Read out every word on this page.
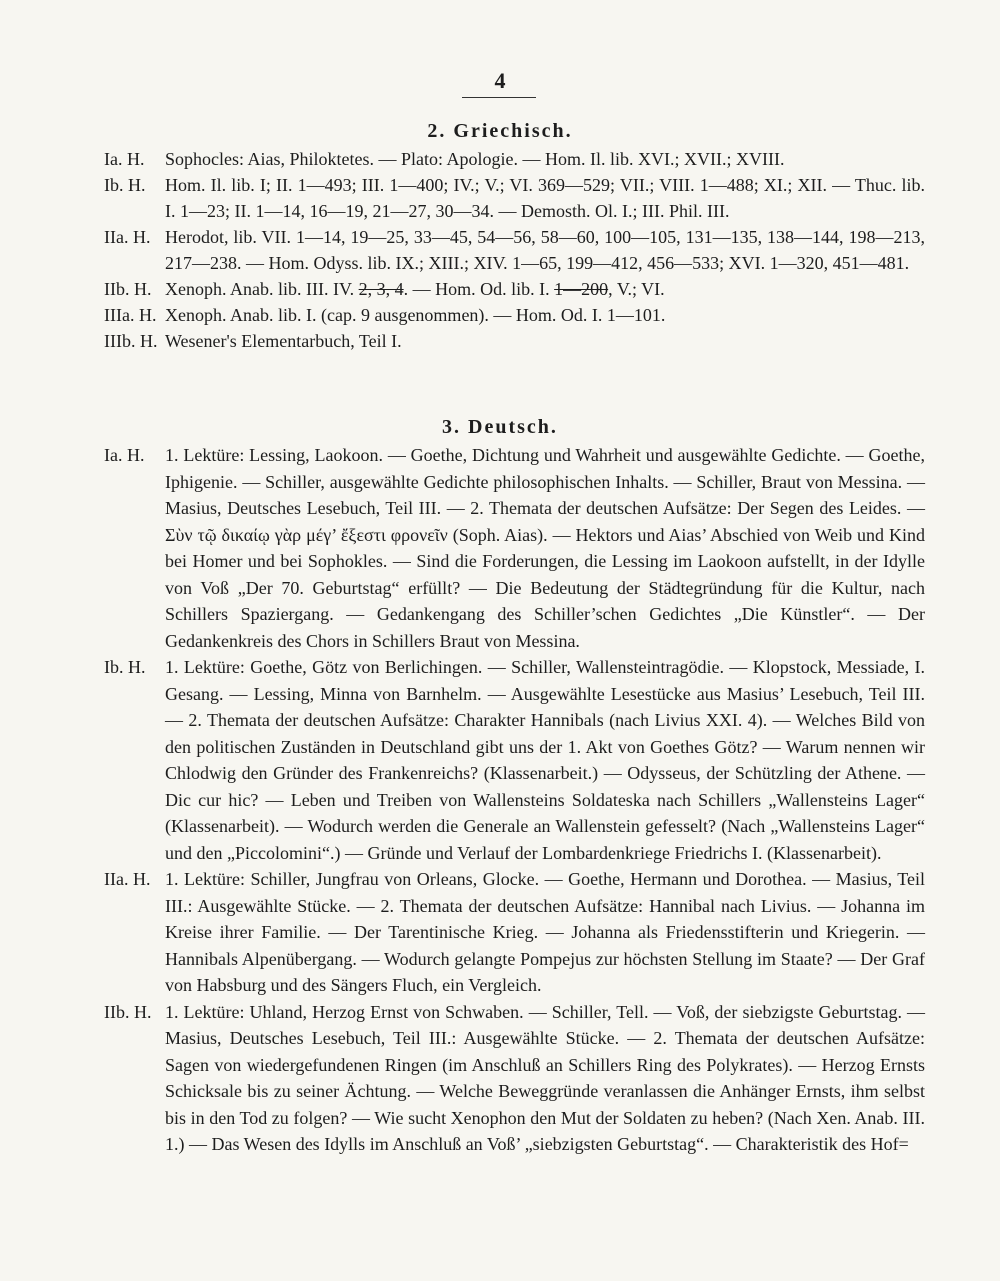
4
2. Griechisch.
Ia. H.	Sophocles: Aias, Philoktetes. — Plato: Apologie. — Hom. Il. lib. XVI.; XVII.; XVIII.
Ib. H.	Hom. Il. lib. I; II. 1—493; III. 1—400; IV.; V.; VI. 369—529; VII.; VIII. 1—488; XI.; XII. — Thuc. lib. I. 1—23; II. 1—14, 16—19, 21—27, 30—34. — Demosth. Ol. I.; III. Phil. III.
IIa. H. Herodot, lib. VII. 1—14, 19—25, 33—45, 54—56, 58—60, 100—105, 131—135, 138—144, 198—213, 217—238. — Hom. Odyss. lib. IX.; XIII.; XIV. 1—65, 199—412, 456—533; XVI. 1—320, 451—481.
IIb. H. Xenoph. Anab. lib. III. IV. 2, 3, 4. — Hom. Od. lib. I. 1—200, V.; VI.
IIIa. H. Xenoph. Anab. lib. I. (cap. 9 ausgenommen). — Hom. Od. I. 1—101.
IIIb. H. Wesener's Elementarbuch, Teil I.
3. Deutsch.
Ia. H.	1. Lektüre: Lessing, Laokoon. — Goethe, Dichtung und Wahrheit und ausgewählte Gedichte. — Goethe, Iphigenie. — Schiller, ausgewählte Gedichte philosophischen Inhalts. — Schiller, Braut von Messina. — Masius, Deutsches Lesebuch, Teil III. — 2. Themata der deutschen Aufsätze: Der Segen des Leides. — Σὺν τῷ δικαίῳ γὰρ μέγ’ ἔξεστι φρονεῖν (Soph. Aias). — Hektors und Aias’ Abschied von Weib und Kind bei Homer und bei Sophokles. — Sind die Forderungen, die Lessing im Laokoon aufstellt, in der Idylle von Voß „Der 70. Geburtstag“ erfüllt? — Die Bedeutung der Städtegründung für die Kultur, nach Schillers Spaziergang. — Gedankengang des Schiller’schen Gedichtes „Die Künstler“. — Der Gedankenkreis des Chors in Schillers Braut von Messina.
Ib. H.	1. Lektüre: Goethe, Götz von Berlichingen. — Schiller, Wallensteintragödie. — Klopstock, Messiade, I. Gesang. — Lessing, Minna von Barnhelm. — Ausgewählte Lesestücke aus Masius’ Lesebuch, Teil III. — 2. Themata der deutschen Aufsätze: Charakter Hannibals (nach Livius XXI. 4). — Welches Bild von den politischen Zuständen in Deutschland gibt uns der 1. Akt von Goethes Götz? — Warum nennen wir Chlodwig den Gründer des Frankenreichs? (Klassenarbeit.) — Odysseus, der Schützling der Athene. — Dic cur hic? — Leben und Treiben von Wallensteins Soldateska nach Schillers „Wallensteins Lager“ (Klassenarbeit). — Wodurch werden die Generale an Wallenstein gefesselt? (Nach „Wallensteins Lager“ und den „Piccolomini“.) — Gründe und Verlauf der Lombardenkriege Friedrichs I. (Klassenarbeit).
IIa. H. 1. Lektüre: Schiller, Jungfrau von Orleans, Glocke. — Goethe, Hermann und Dorothea. — Masius, Teil III.: Ausgewählte Stücke. — 2. Themata der deutschen Aufsätze: Hannibal nach Livius. — Johanna im Kreise ihrer Familie. — Der Tarentinische Krieg. — Johanna als Friedensstifterin und Kriegerin. — Hannibals Alpenübergang. — Wodurch gelangte Pompejus zur höchsten Stellung im Staate? — Der Graf von Habsburg und des Sängers Fluch, ein Vergleich.
IIb. H. 1. Lektüre: Uhland, Herzog Ernst von Schwaben. — Schiller, Tell. — Voß, der siebzigste Geburtstag. — Masius, Deutsches Lesebuch, Teil III.: Ausgewählte Stücke. — 2. Themata der deutschen Aufsätze: Sagen von wiedergefundenen Ringen (im Anschluß an Schillers Ring des Polykrates). — Herzog Ernsts Schicksale bis zu seiner Ächtung. — Welche Beweggründe veranlassen die Anhänger Ernsts, ihm selbst bis in den Tod zu folgen? — Wie sucht Xenophon den Mut der Soldaten zu heben? (Nach Xen. Anab. III. 1.) — Das Wesen des Idylls im Anschluß an Voß’ „siebzigsten Geburtstag“. — Charakteristik des Hof=
